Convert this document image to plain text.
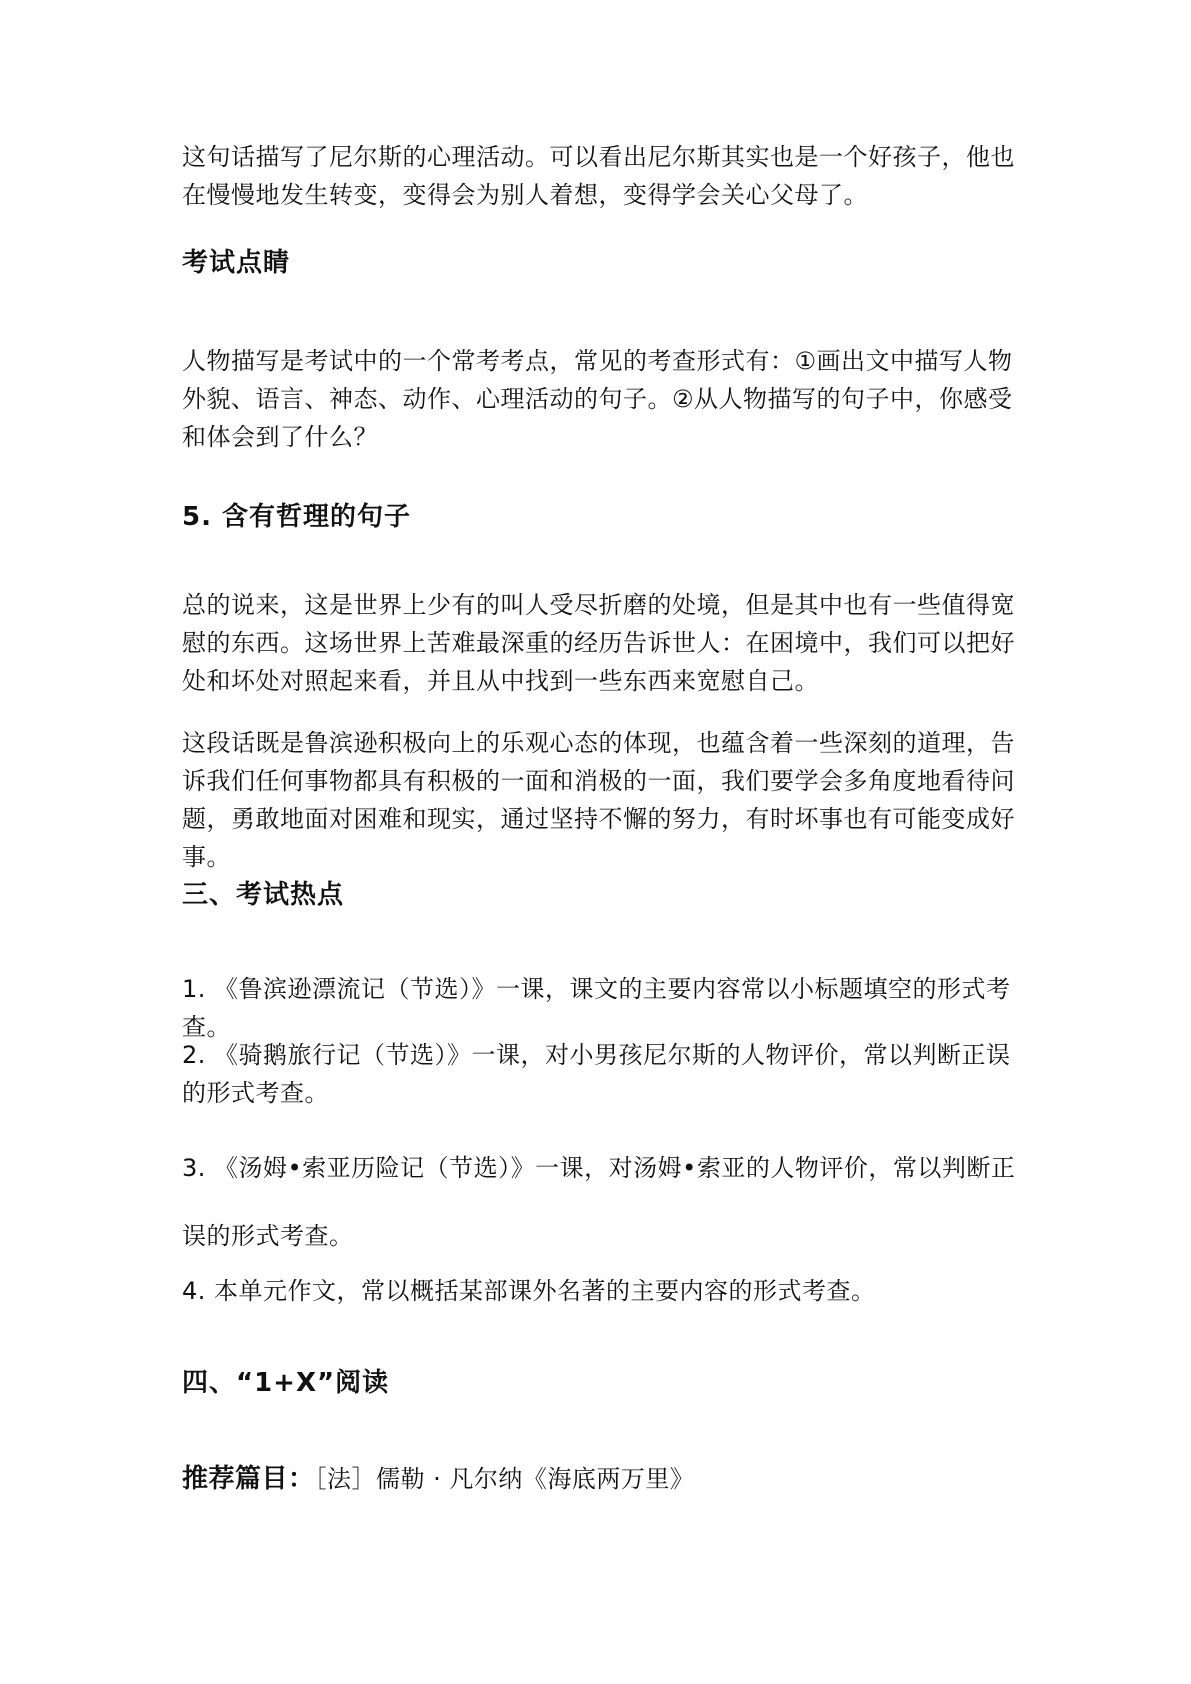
这句话描写了尼尔斯的心理活动。可以看出尼尔斯其实也是一个好孩子，他也在慢慢地发生转变，变得会为别人着想，变得学会关心父母了。
考试点睛
人物描写是考试中的一个常考考点，常见的考查形式有：①画出文中描写人物外貌、语言、神态、动作、心理活动的句子。②从人物描写的句子中，你感受和体会到了什么？
5. 含有哲理的句子
总的说来，这是世界上少有的叫人受尽折磨的处境，但是其中也有一些值得宽慰的东西。这场世界上苦难最深重的经历告诉世人：在困境中，我们可以把好处和坏处对照起来看，并且从中找到一些东西来宽慰自己。
这段话既是鲁滨逊积极向上的乐观心态的体现，也蕴含着一些深刻的道理，告诉我们任何事物都具有积极的一面和消极的一面，我们要学会多角度地看待问题，勇敢地面对困难和现实，通过坚持不懈的努力，有时坏事也有可能变成好事。
三、考试热点
1. 《鲁滨逊漂流记（节选）》一课，课文的主要内容常以小标题填空的形式考查。
2. 《骑鹅旅行记（节选）》一课，对小男孩尼尔斯的人物评价，常以判断正误的形式考查。
3. 《汤姆•索亚历险记（节选）》一课，对汤姆•索亚的人物评价，常以判断正误的形式考查。
4. 本单元作文，常以概括某部课外名著的主要内容的形式考查。
四、“1+X”阅读
推荐篇目：［法］儒勒 · 凡尔纳《海底两万里》
